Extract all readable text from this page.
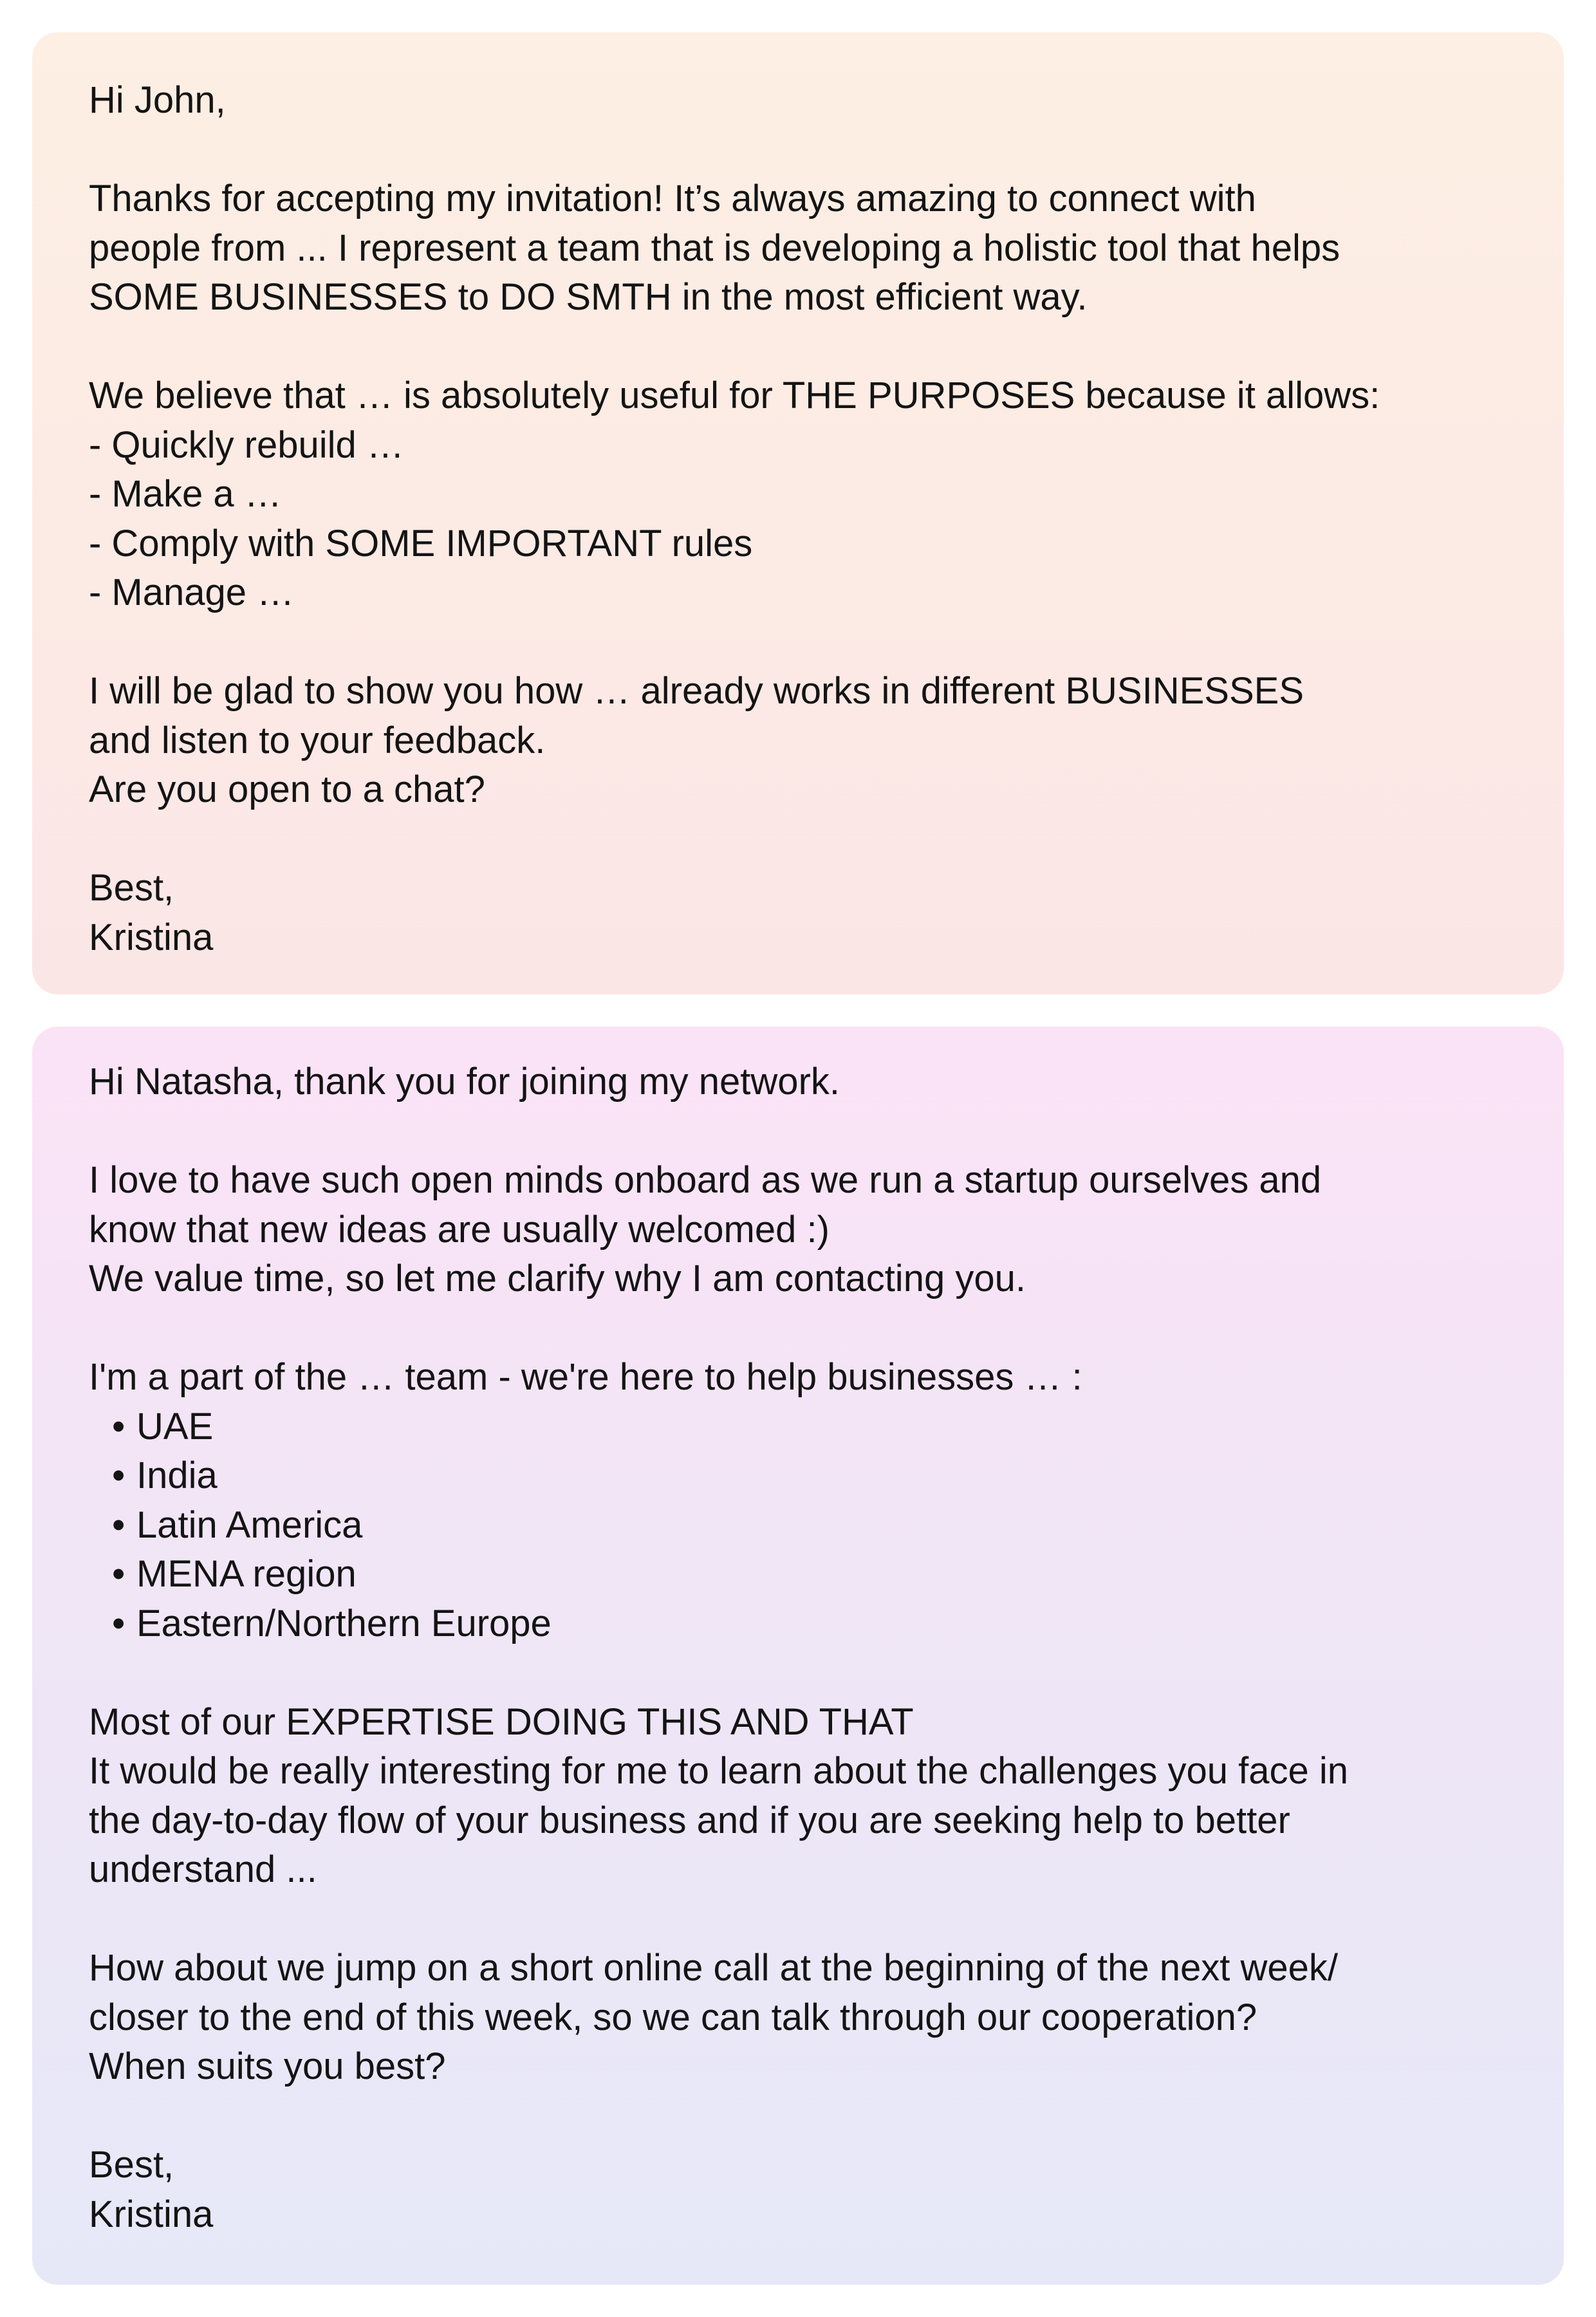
Hi John,
Thanks for accepting my invitation! It’s always amazing to connect with
people from ... I represent a team that is developing a holistic tool that helps
SOME BUSINESSES to DO SMTH in the most efficient way.
We believe that … is absolutely useful for THE PURPOSES because it allows:
- Quickly rebuild …
- Make a …
- Comply with SOME IMPORTANT rules
- Manage …
I will be glad to show you how … already works in different BUSINESSES
and listen to your feedback.
Are you open to a chat?
Best,
Kristina
Hi Natasha, thank you for joining my network.
I love to have such open minds onboard as we run a startup ourselves and
know that new ideas are usually welcomed :)
We value time, so let me clarify why I am contacting you.
I'm a part of the … team - we're here to help businesses … :
• UAE
• India
• Latin America
• MENA region
• Eastern/Northern Europe
Most of our EXPERTISE DOING THIS AND THAT
It would be really interesting for me to learn about the challenges you face in
the day-to-day flow of your business and if you are seeking help to better
understand ...
How about we jump on a short online call at the beginning of the next week/
closer to the end of this week, so we can talk through our cooperation?
When suits you best?
Best,
Kristina
